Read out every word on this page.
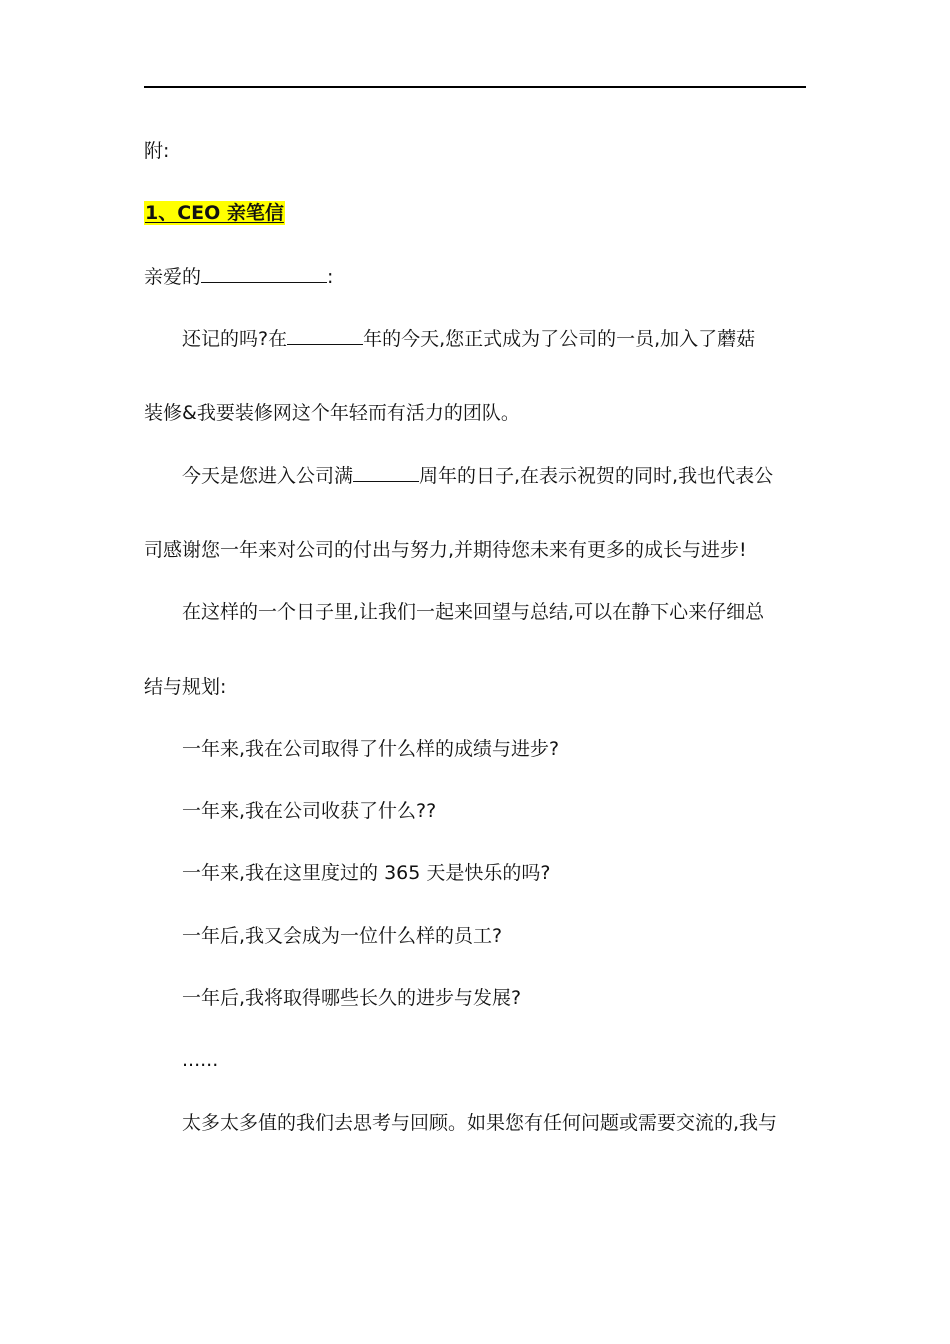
附:
1、CEO 亲笔信
亲爱的	:
还记的吗?在	年的今天,您正式成为了公司的一员,加入了蘑菇
装修&我要装修网这个年轻而有活力的团队。
今天是您进入公司满	周年的日子,在表示祝贺的同时,我也代表公
司感谢您一年来对公司的付出与努力,并期待您未来有更多的成长与进步!
在这样的一个日子里,让我们一起来回望与总结,可以在静下心来仔细总
结与规划:
一年来,我在公司取得了什么样的成绩与进步?
一年来,我在公司收获了什么??
一年来,我在这里度过的 365 天是快乐的吗?
一年后,我又会成为一位什么样的员工?
一年后,我将取得哪些长久的进步与发展?
......
太多太多值的我们去思考与回顾。如果您有任何问题或需要交流的,我与
